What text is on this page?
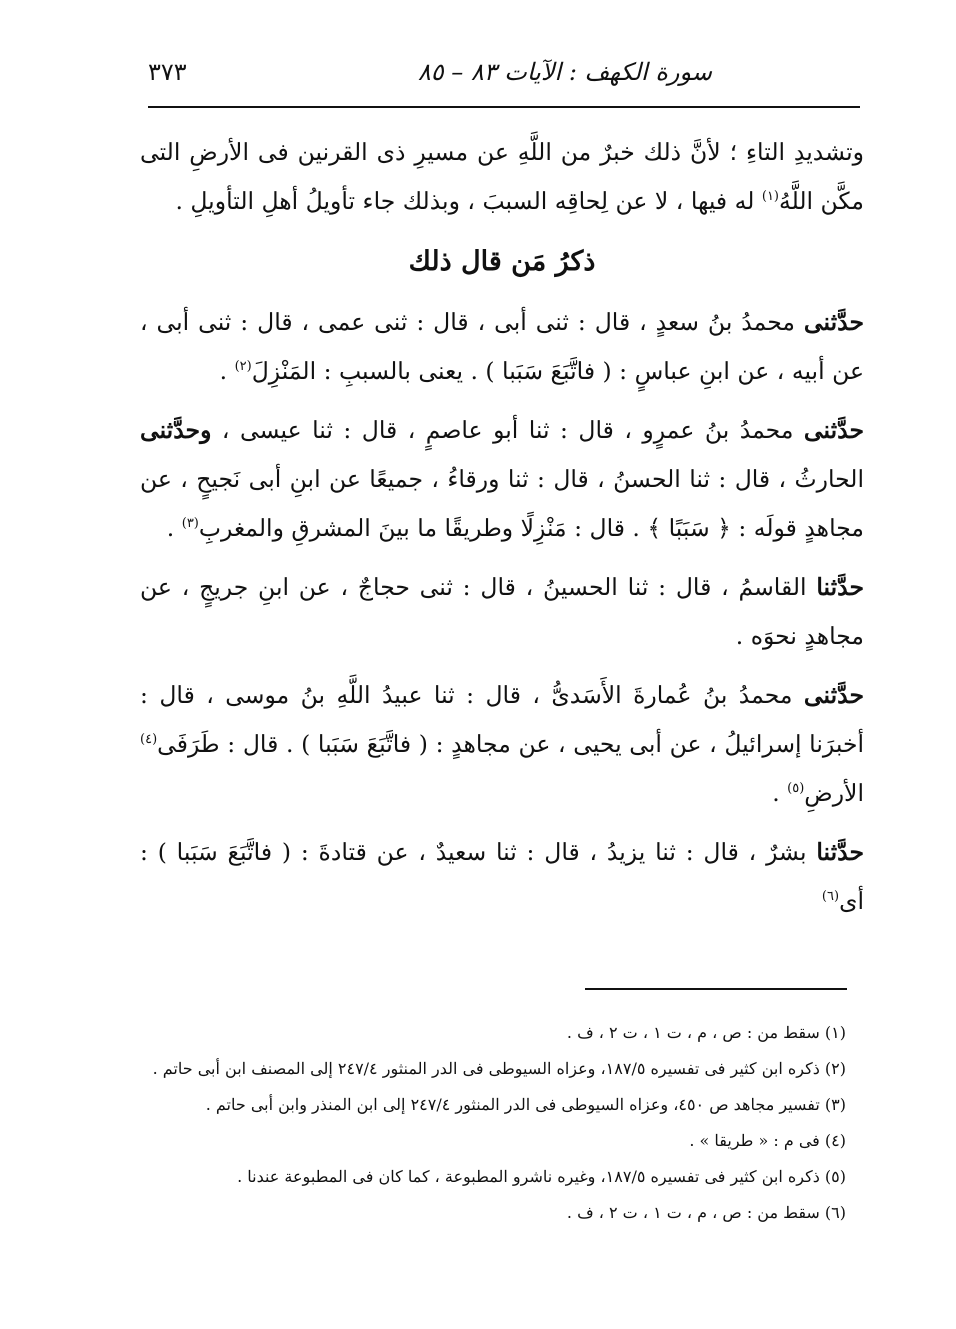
سورة الكهف : الآيات ٨٣ – ٨٥
٣٧٣

وتشديدِ التاءِ ؛ لأنَّ ذلك خبرٌ من اللَّهِ عن مسيرِ ذى القرنين فى الأرضِ التى مكَّن اللَّهُ$^{(١)}$ له فيها ، لا عن لِحاقِه السببَ ، وبذلك جاء تأويلُ أهلِ التأويلِ .

ذكرُ مَن قال ذلك

حدَّثنى محمدُ بنُ سعدٍ ، قال : ثنى أبى ، قال : ثنى عمى ، قال : ثنى أبى ، عن أبيه ، عن ابنِ عباسٍ : ( فاتَّبَعَ سَبَبا ) . يعنى بالسببِ : المَنْزِلَ$^{(٢)}$ .

حدَّثنى محمدُ بنُ عمرٍو ، قال : ثنا أبو عاصمٍ ، قال : ثنا عيسى ، وحدَّثنى الحارثُ ، قال : ثنا الحسنُ ، قال : ثنا ورقاءُ ، جميعًا عن ابنِ أبى نَجيحٍ ، عن مجاهدٍ قولَه : ﴿ سَبَبًا ﴾ . قال : مَنْزِلًا وطريقًا ما بينَ المشرقِ والمغربِ$^{(٣)}$ .

حدَّثنا القاسمُ ، قال : ثنا الحسينُ ، قال : ثنى حجاجٌ ، عن ابنِ جريجٍ ، عن مجاهدٍ نحوَه .

حدَّثنى محمدُ بنُ عُمارةَ الأَسَدىُّ ، قال : ثنا عبيدُ اللَّهِ بنُ موسى ، قال : أخبرَنا إسرائيلُ ، عن أبى يحيى ، عن مجاهدٍ : ( فاتَّبَعَ سَبَبا ) . قال : طَرَفَى$^{(٤)}$ الأرضِ$^{(٥)}$ .

حدَّثنا بشرٌ ، قال : ثنا يزيدُ ، قال : ثنا سعيدٌ ، عن قتادةَ : ( فاتَّبَعَ سَبَبا ) : أى$^{(٦)}$

(١) سقط من : ص ، م ، ت ١ ، ت ٢ ، ف .
(٢) ذكره ابن كثير فى تفسيره ١٨٧/٥، وعزاه السيوطى فى الدر المنثور ٢٤٧/٤ إلى المصنف ابن أبى حاتم .
(٣) تفسير مجاهد ص ٤٥٠، وعزاه السيوطى فى الدر المنثور ٢٤٧/٤ إلى ابن المنذر وابن أبى حاتم .
(٤) فى م : « طريقا » .
(٥) ذكره ابن كثير فى تفسيره ١٨٧/٥، وغيره ناشرو المطبوعة ، كما كان فى المطبوعة عندنا .
(٦) سقط من : ص ، م ، ت ١ ، ت ٢ ، ف .
